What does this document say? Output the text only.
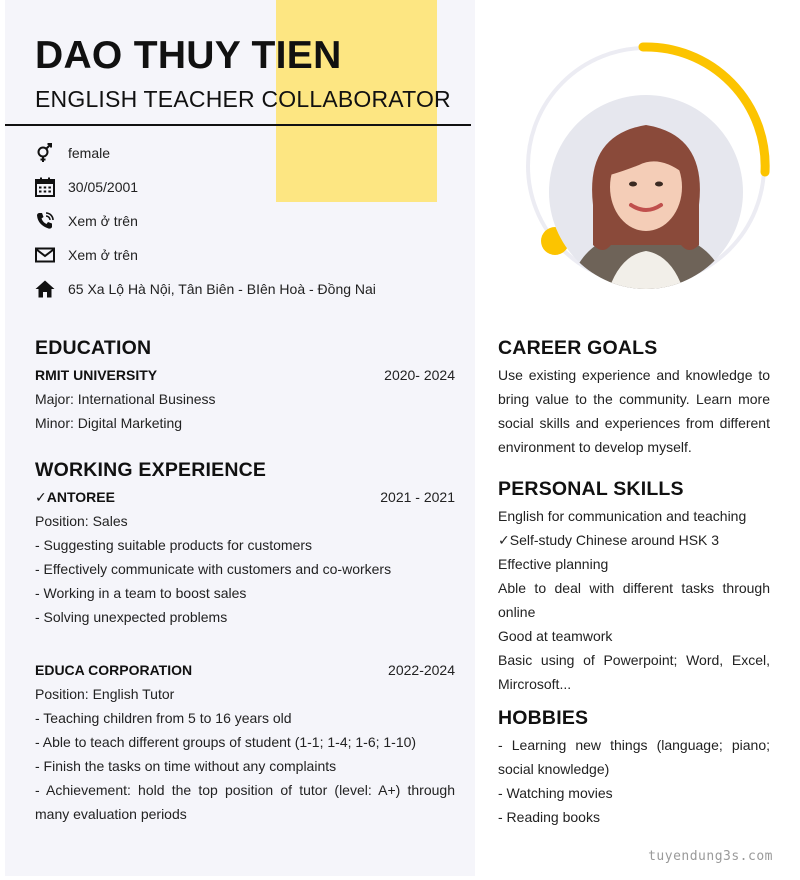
DAO THUY TIEN
ENGLISH TEACHER COLLABORATOR
female
30/05/2001
Xem ở trên
Xem ở trên
65 Xa Lộ Hà Nội, Tân Biên - BIên Hoà - Đồng Nai
EDUCATION
RMIT UNIVERSITY	2020- 2024
Major: International Business
Minor: Digital Marketing
WORKING EXPERIENCE
✓ANTOREE	2021 - 2021
Position: Sales
- Suggesting suitable products for customers
- Effectively communicate with customers and co-workers
- Working in a team to boost sales
- Solving unexpected problems
EDUCA CORPORATION	2022-2024
Position: English Tutor
- Teaching children from 5 to 16 years old
- Able to teach different groups of student (1-1; 1-4; 1-6; 1-10)
- Finish the tasks on time without any complaints
- Achievement: hold the top position of tutor (level: A+) through
many evaluation periods
CAREER GOALS
Use existing experience and knowledge to
bring value to the community. Learn more
social skills and experiences from different
environment to develop myself.
PERSONAL SKILLS
English for communication and teaching
✓Self-study Chinese around HSK 3
Effective planning
Able to deal with different tasks through
online
Good at teamwork
Basic using of Powerpoint; Word, Excel,
Mircrosoft...
HOBBIES
- Learning new things (language; piano;
social knowledge)
- Watching movies
- Reading books
tuyendung3s.com
